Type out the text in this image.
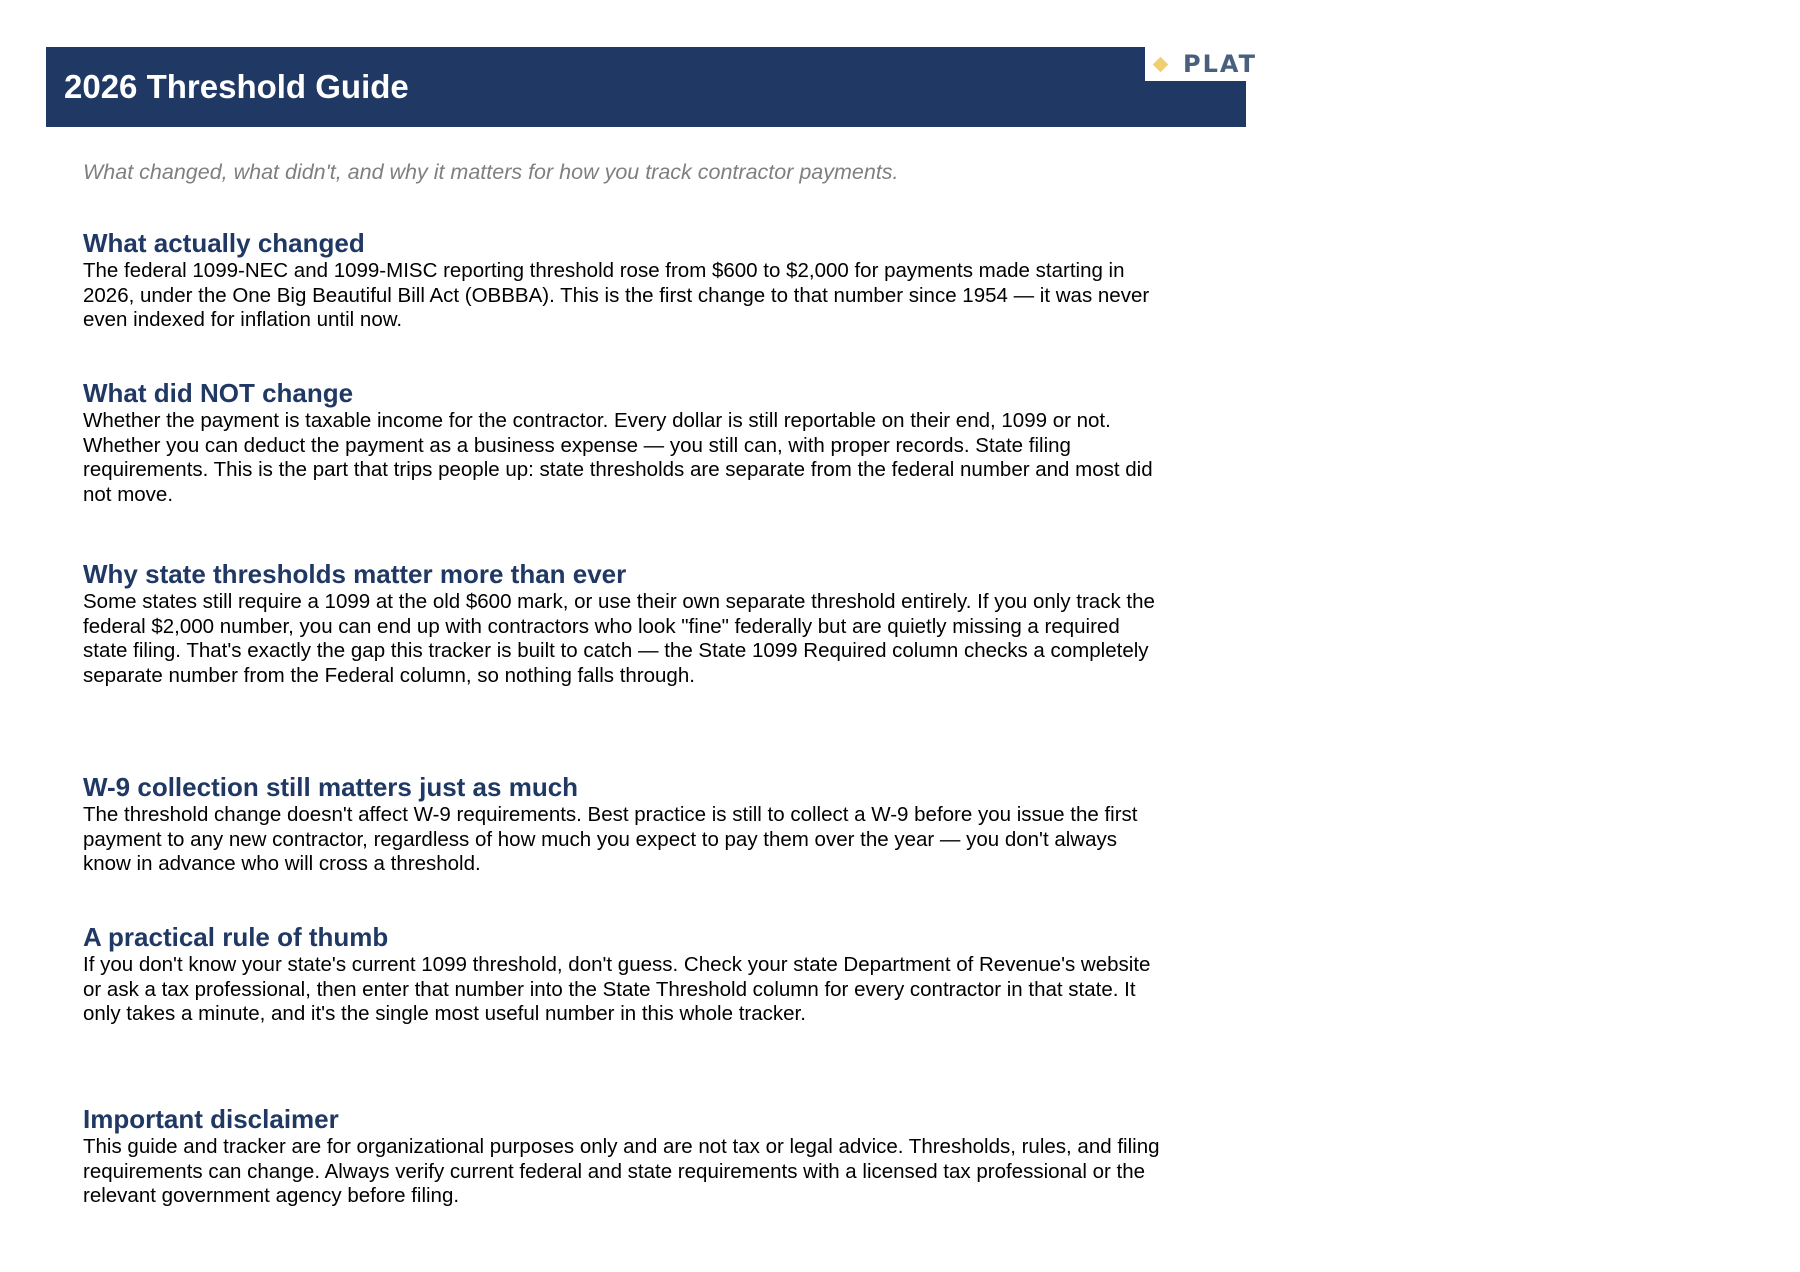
2026 Threshold Guide
PLAT

What changed, what didn't, and why it matters for how you track contractor payments.

What actually changed

The federal 1099-NEC and 1099-MISC reporting threshold rose from $600 to $2,000 for payments made starting in 2026, under the One Big Beautiful Bill Act (OBBBA). This is the first change to that number since 1954 — it was never even indexed for inflation until now.

What did NOT change

Whether the payment is taxable income for the contractor. Every dollar is still reportable on their end, 1099 or not. Whether you can deduct the payment as a business expense — you still can, with proper records. State filing requirements. This is the part that trips people up: state thresholds are separate from the federal number and most did not move.

Why state thresholds matter more than ever

Some states still require a 1099 at the old $600 mark, or use their own separate threshold entirely. If you only track the federal $2,000 number, you can end up with contractors who look "fine" federally but are quietly missing a required state filing. That's exactly the gap this tracker is built to catch — the State 1099 Required column checks a completely separate number from the Federal column, so nothing falls through.

W-9 collection still matters just as much

The threshold change doesn't affect W-9 requirements. Best practice is still to collect a W-9 before you issue the first payment to any new contractor, regardless of how much you expect to pay them over the year — you don't always know in advance who will cross a threshold.

A practical rule of thumb

If you don't know your state's current 1099 threshold, don't guess. Check your state Department of Revenue's website or ask a tax professional, then enter that number into the State Threshold column for every contractor in that state. It only takes a minute, and it's the single most useful number in this whole tracker.

Important disclaimer

This guide and tracker are for organizational purposes only and are not tax or legal advice. Thresholds, rules, and filing requirements can change. Always verify current federal and state requirements with a licensed tax professional or the relevant government agency before filing.
